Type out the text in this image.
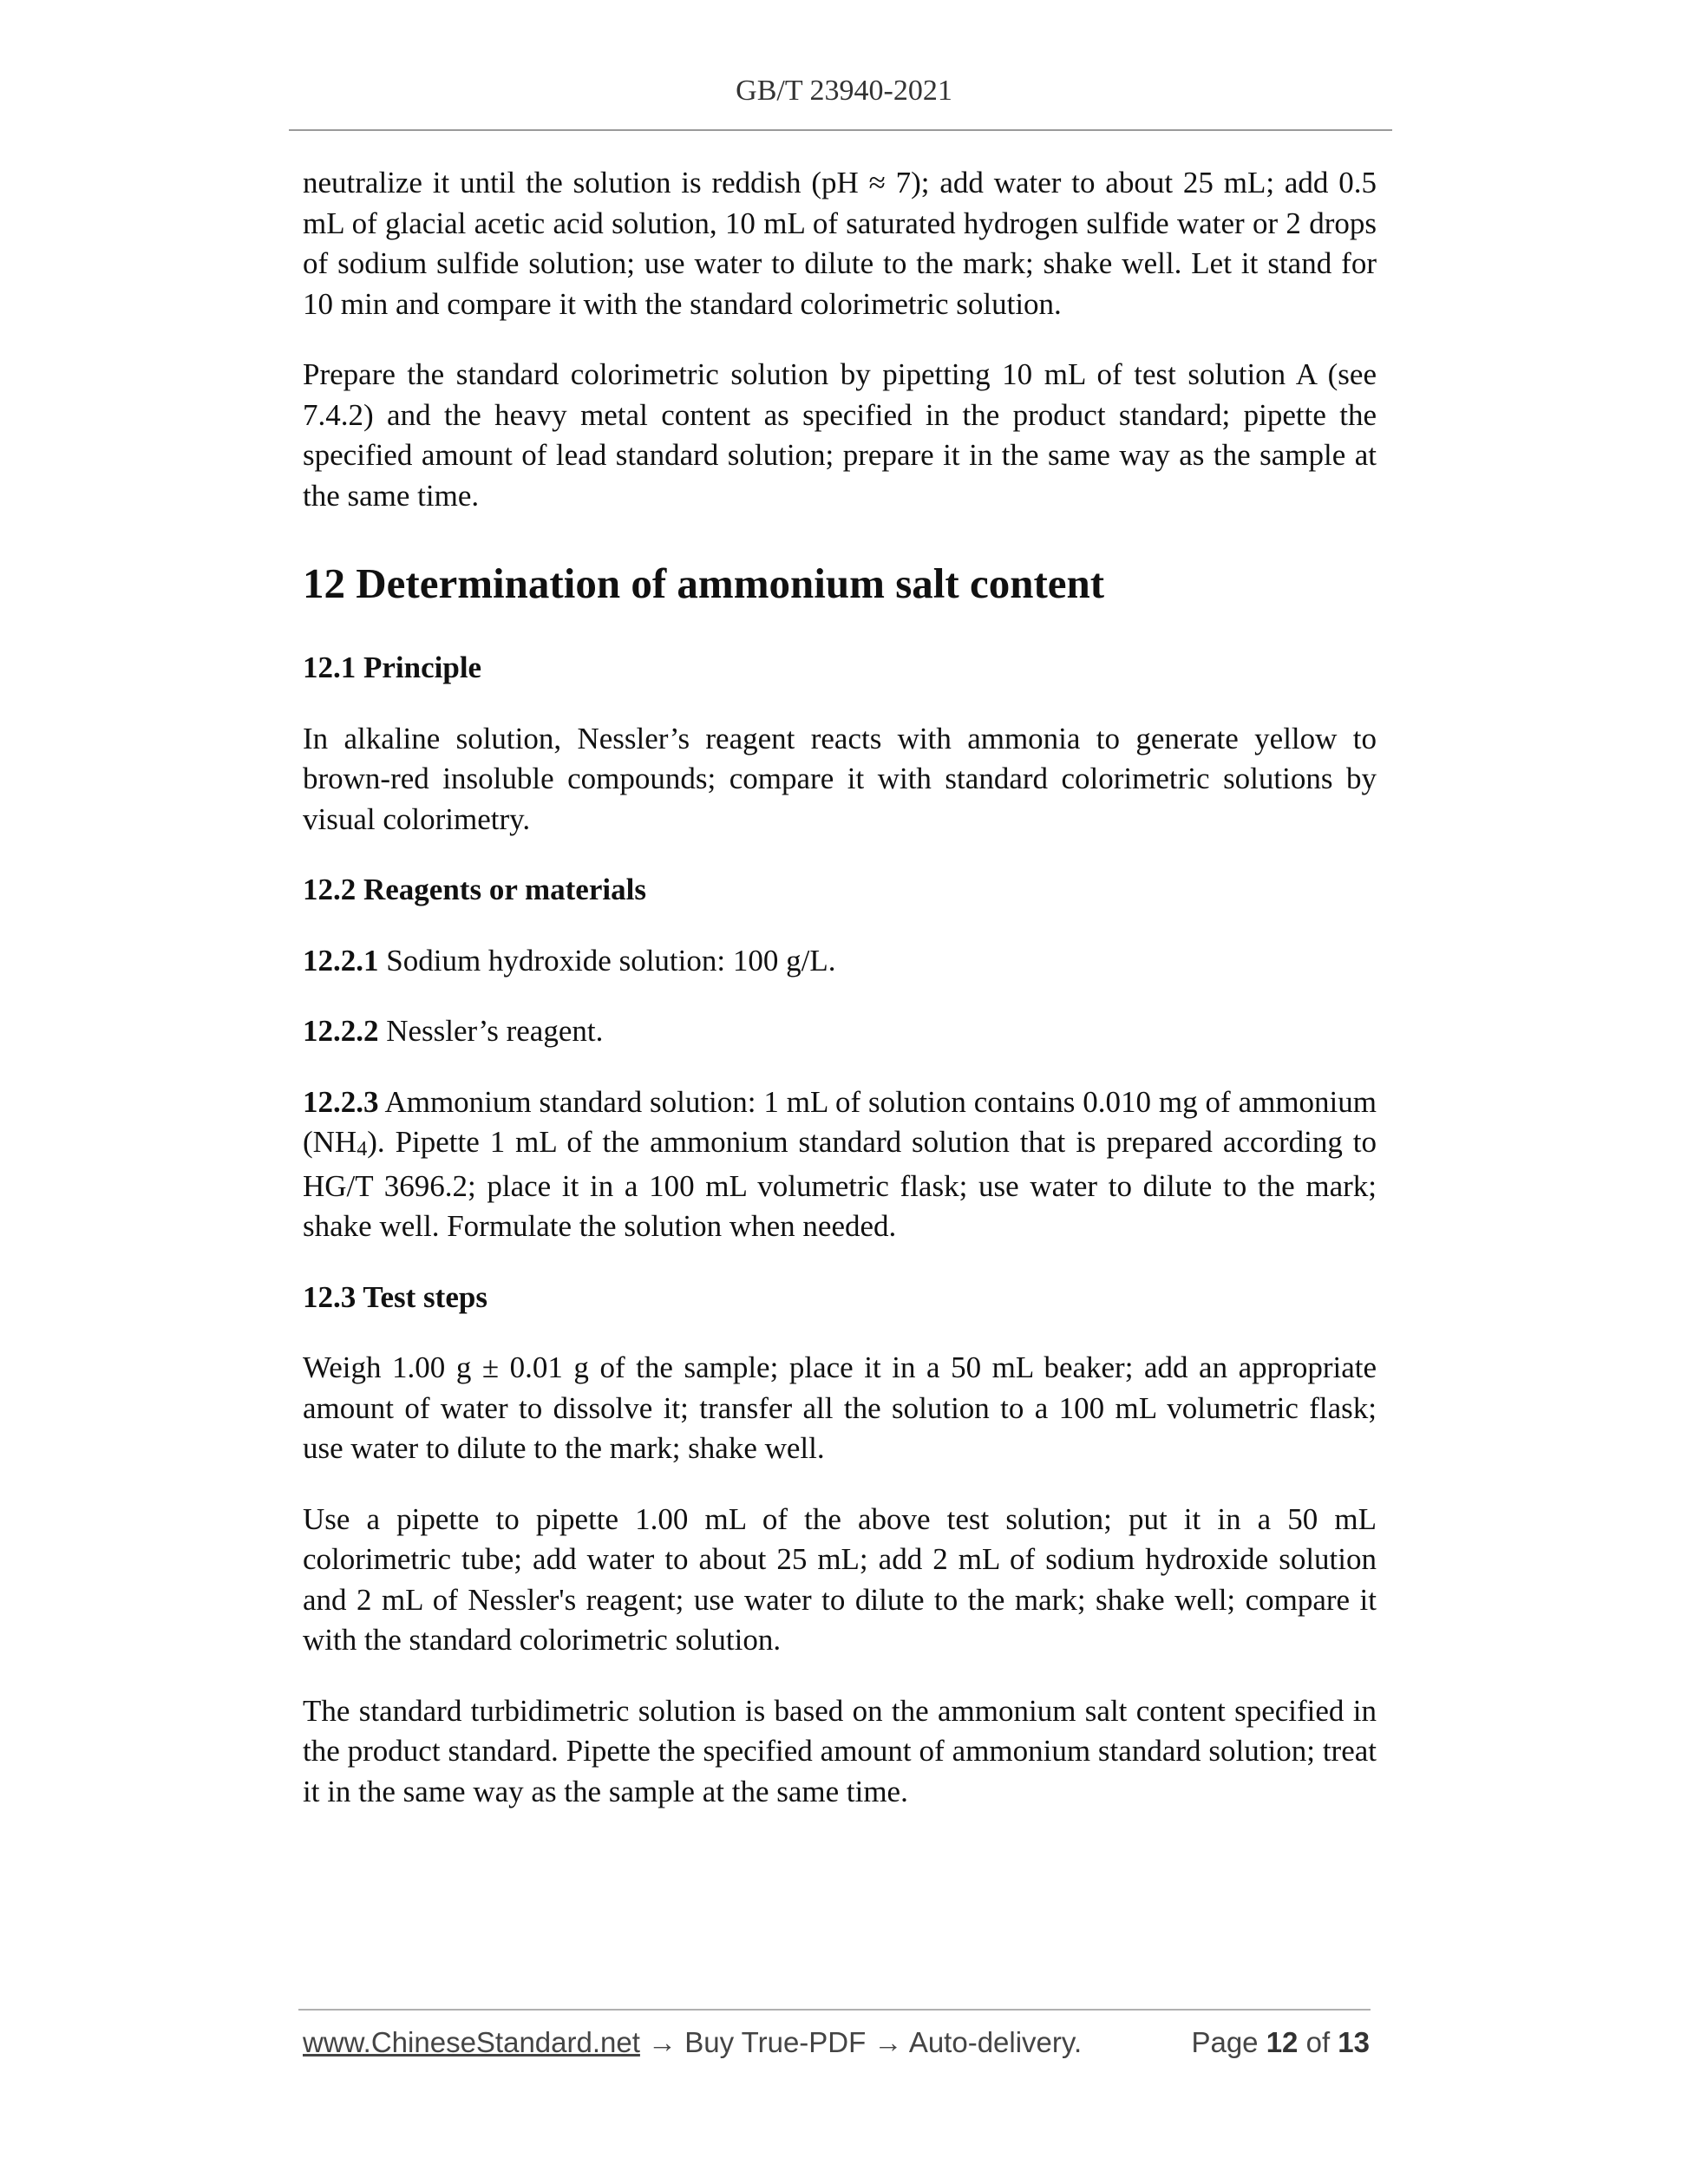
GB/T 23940-2021

neutralize it until the solution is reddish (pH ≈ 7); add water to about 25 mL; add 0.5 mL of glacial acetic acid solution, 10 mL of saturated hydrogen sulfide water or 2 drops of sodium sulfide solution; use water to dilute to the mark; shake well. Let it stand for 10 min and compare it with the standard colorimetric solution.

Prepare the standard colorimetric solution by pipetting 10 mL of test solution A (see 7.4.2) and the heavy metal content as specified in the product standard; pipette the specified amount of lead standard solution; prepare it in the same way as the sample at the same time.

12 Determination of ammonium salt content
12.1 Principle

In alkaline solution, Nessler’s reagent reacts with ammonia to generate yellow to brown-red insoluble compounds; compare it with standard colorimetric solutions by visual colorimetry.

12.2 Reagents or materials

12.2.1 Sodium hydroxide solution: 100 g/L.

12.2.2 Nessler’s reagent.

12.2.3 Ammonium standard solution: 1 mL of solution contains 0.010 mg of ammonium $(NH_4)$. Pipette 1 mL of the ammonium standard solution that is prepared according to HG/T 3696.2; place it in a 100 mL volumetric flask; use water to dilute to the mark; shake well. Formulate the solution when needed.

12.3 Test steps

Weigh 1.00 g ± 0.01 g of the sample; place it in a 50 mL beaker; add an appropriate amount of water to dissolve it; transfer all the solution to a 100 mL volumetric flask; use water to dilute to the mark; shake well.

Use a pipette to pipette 1.00 mL of the above test solution; put it in a 50 mL colorimetric tube; add water to about 25 mL; add 2 mL of sodium hydroxide solution and 2 mL of Nessler's reagent; use water to dilute to the mark; shake well; compare it with the standard colorimetric solution.

The standard turbidimetric solution is based on the ammonium salt content specified in the product standard. Pipette the specified amount of ammonium standard solution; treat it in the same way as the sample at the same time.

www.ChineseStandard.net → Buy True-PDF → Auto-delivery.	Page 12 of 13
